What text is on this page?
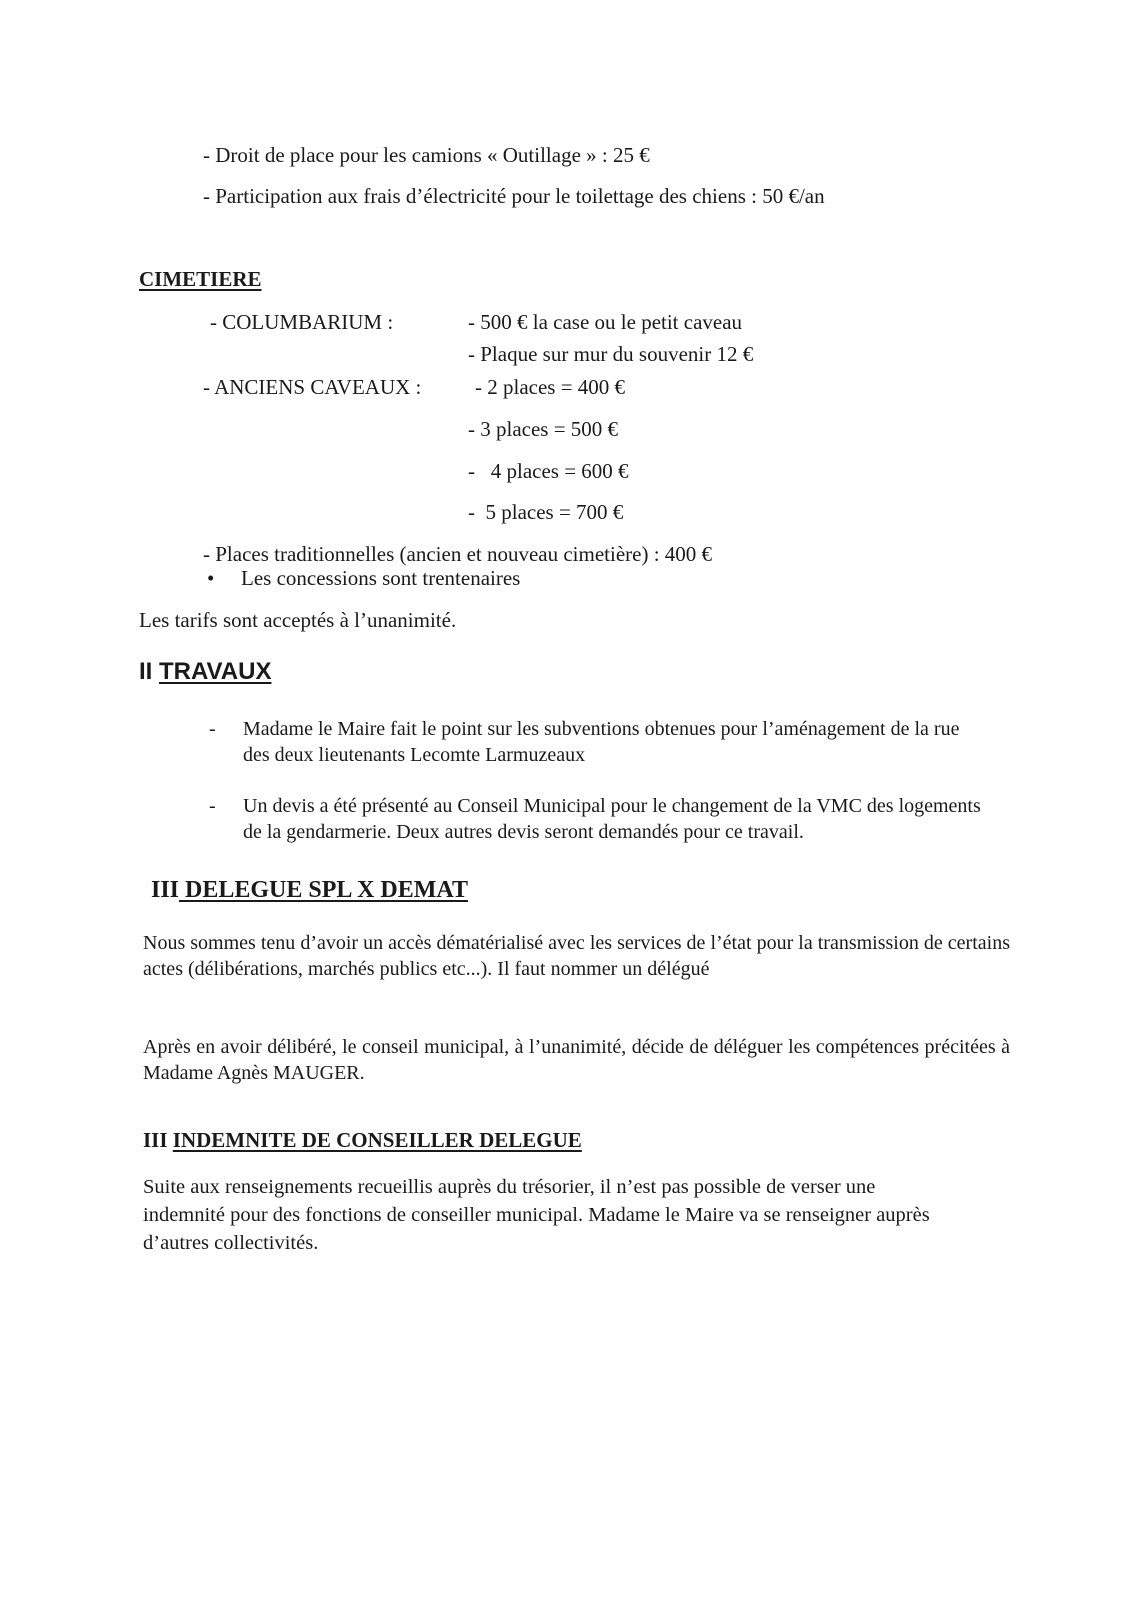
- Droit de place pour les camions « Outillage » : 25 €
- Participation aux frais d’électricité pour le toilettage des chiens : 50 €/an
CIMETIERE
- COLUMBARIUM :	- 500 € la case ou le petit caveau
- Plaque sur mur du souvenir 12 €
- ANCIENS CAVEAUX :	- 2 places = 400 €
- 3 places = 500 €
-   4 places = 600 €
-  5 places = 700 €
- Places traditionnelles (ancien et nouveau cimetière) : 400 €
• Les concessions sont trentenaires
Les tarifs sont acceptés à l’unanimité.
II TRAVAUX
- Madame le Maire fait le point sur les subventions obtenues pour l’aménagement de la rue des deux lieutenants Lecomte Larmuzeaux
- Un devis a été présenté au Conseil Municipal pour le changement de la VMC des logements de la gendarmerie. Deux autres devis seront demandés pour ce travail.
III DELEGUE SPL X DEMAT
Nous sommes tenu d’avoir un accès dématérialisé avec les services de l’état pour la transmission de certains actes (délibérations, marchés publics etc...). Il faut nommer un délégué
Après en avoir délibéré, le conseil municipal, à l’unanimité, décide de déléguer les compétences précitées à Madame Agnès MAUGER.
III INDEMNITE DE CONSEILLER DELEGUE
Suite aux renseignements recueillis auprès du trésorier, il n’est pas possible de verser une indemnité pour des fonctions de conseiller municipal. Madame le Maire va se renseigner auprès d’autres collectivités.
